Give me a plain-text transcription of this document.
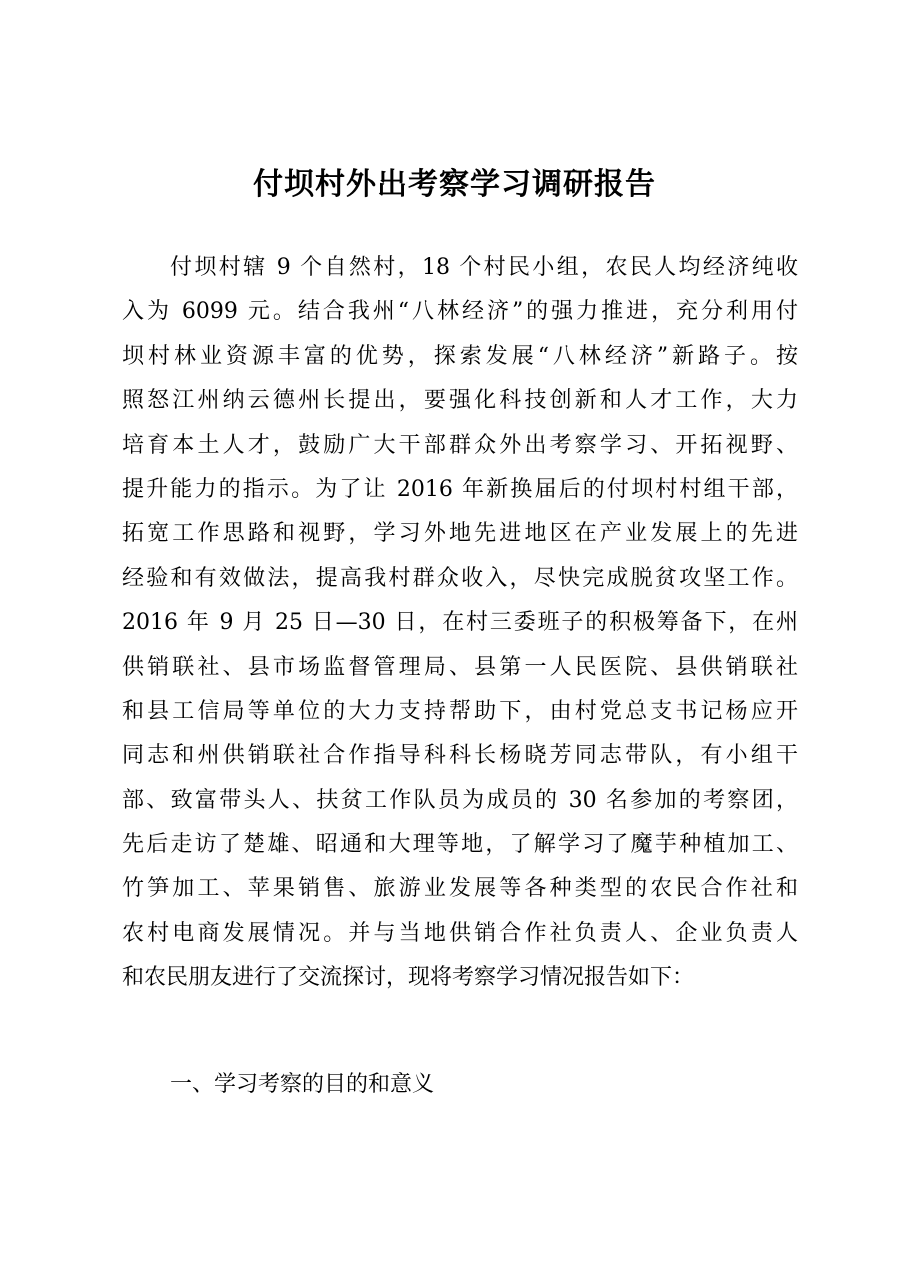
付坝村外出考察学习调研报告
付坝村辖 9 个自然村，18 个村民小组，农民人均经济纯收
入为 6099 元。结合我州“八林经济”的强力推进，充分利用付
坝村林业资源丰富的优势，探索发展“八林经济”新路子。按
照怒江州纳云德州长提出，要强化科技创新和人才工作，大力
培育本土人才，鼓励广大干部群众外出考察学习、开拓视野、
提升能力的指示。为了让 2016 年新换届后的付坝村村组干部，
拓宽工作思路和视野，学习外地先进地区在产业发展上的先进
经验和有效做法，提高我村群众收入，尽快完成脱贫攻坚工作。
2016 年 9 月 25 日—30 日，在村三委班子的积极筹备下，在州
供销联社、县市场监督管理局、县第一人民医院、县供销联社
和县工信局等单位的大力支持帮助下，由村党总支书记杨应开
同志和州供销联社合作指导科科长杨晓芳同志带队，有小组干
部、致富带头人、扶贫工作队员为成员的 30 名参加的考察团，
先后走访了楚雄、昭通和大理等地，了解学习了魔芋种植加工、
竹笋加工、苹果销售、旅游业发展等各种类型的农民合作社和
农村电商发展情况。并与当地供销合作社负责人、企业负责人
和农民朋友进行了交流探讨，现将考察学习情况报告如下：
一、学习考察的目的和意义
